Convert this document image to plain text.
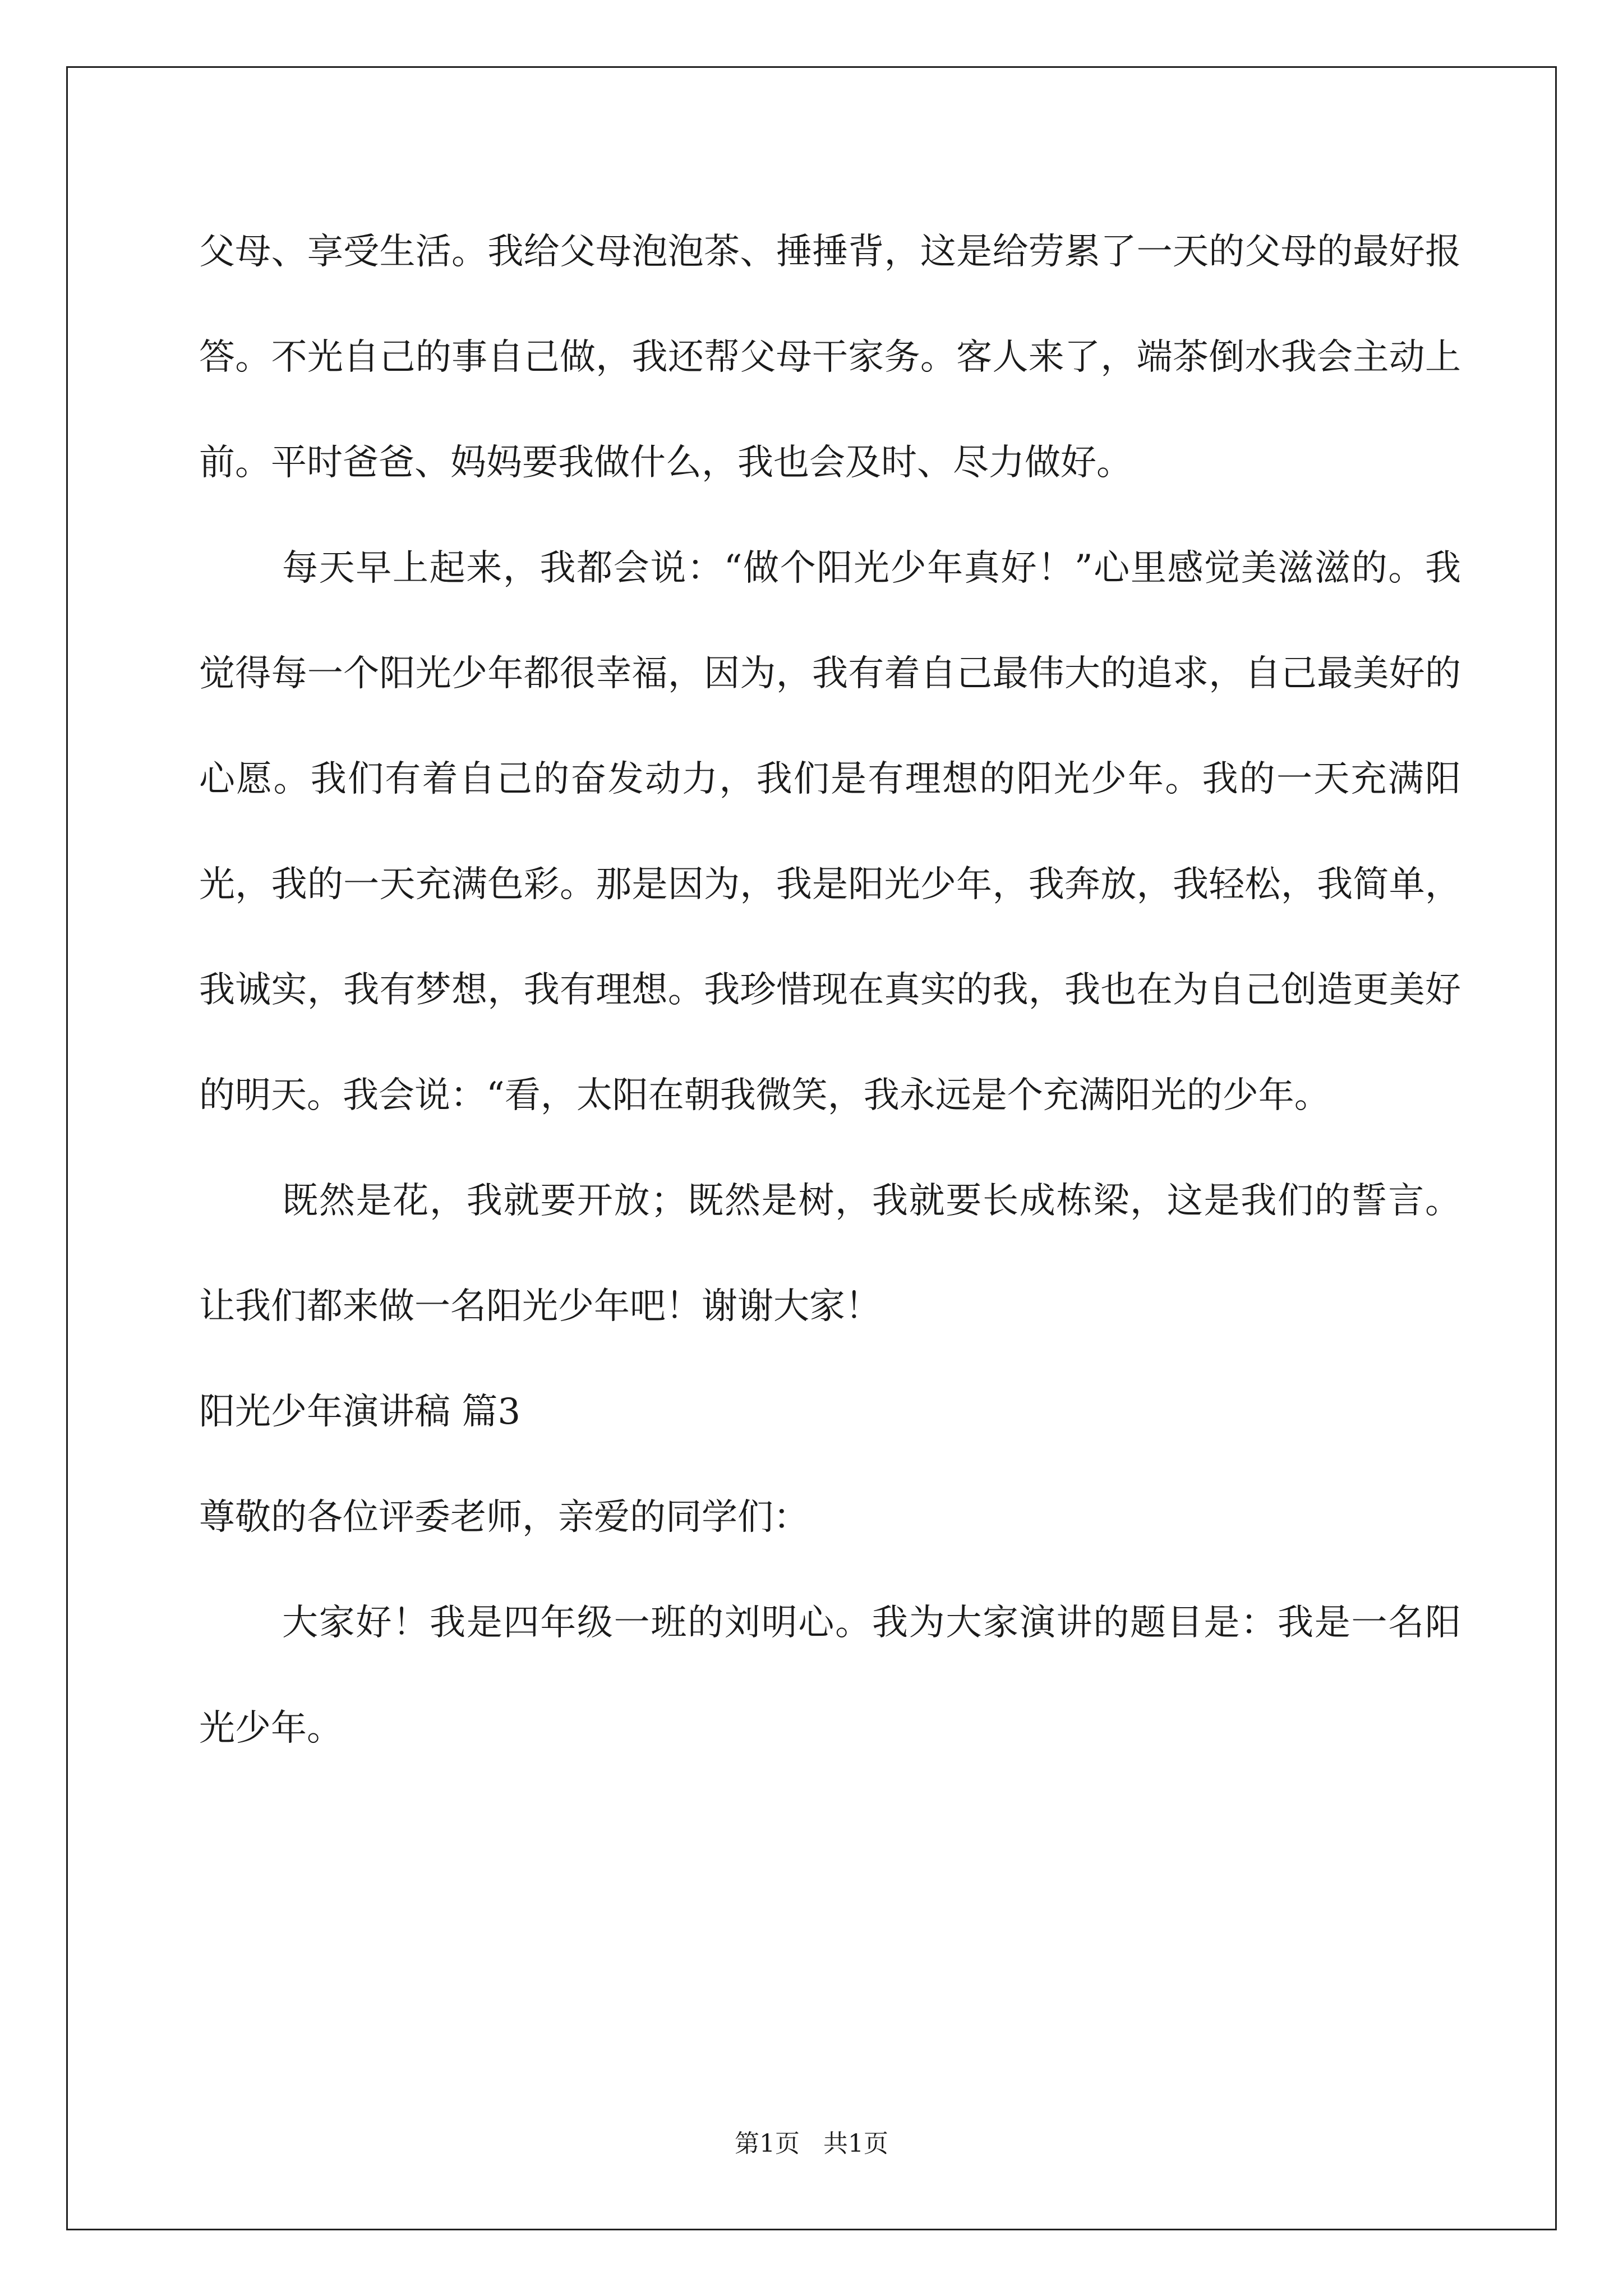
父母、享受生活。我给父母泡泡茶、捶捶背，这是给劳累了一天的父母的最好报答。不光自己的事自己做，我还帮父母干家务。客人来了，端茶倒水我会主动上前。平时爸爸、妈妈要我做什么，我也会及时、尽力做好。

每天早上起来，我都会说：“做个阳光少年真好！”心里感觉美滋滋的。我觉得每一个阳光少年都很幸福，因为，我有着自己最伟大的追求，自己最美好的心愿。我们有着自己的奋发动力，我们是有理想的阳光少年。我的一天充满阳光，我的一天充满色彩。那是因为，我是阳光少年，我奔放，我轻松，我简单，我诚实，我有梦想，我有理想。我珍惜现在真实的我，我也在为自己创造更美好的明天。我会说：“看，太阳在朝我微笑，我永远是个充满阳光的少年。

既然是花，我就要开放；既然是树，我就要长成栋梁，这是我们的誓言。让我们都来做一名阳光少年吧！谢谢大家！

阳光少年演讲稿 篇3

尊敬的各位评委老师，亲爱的同学们：

大家好！我是四年级一班的刘明心。我为大家演讲的题目是：我是一名阳光少年。

第1页   共1页
